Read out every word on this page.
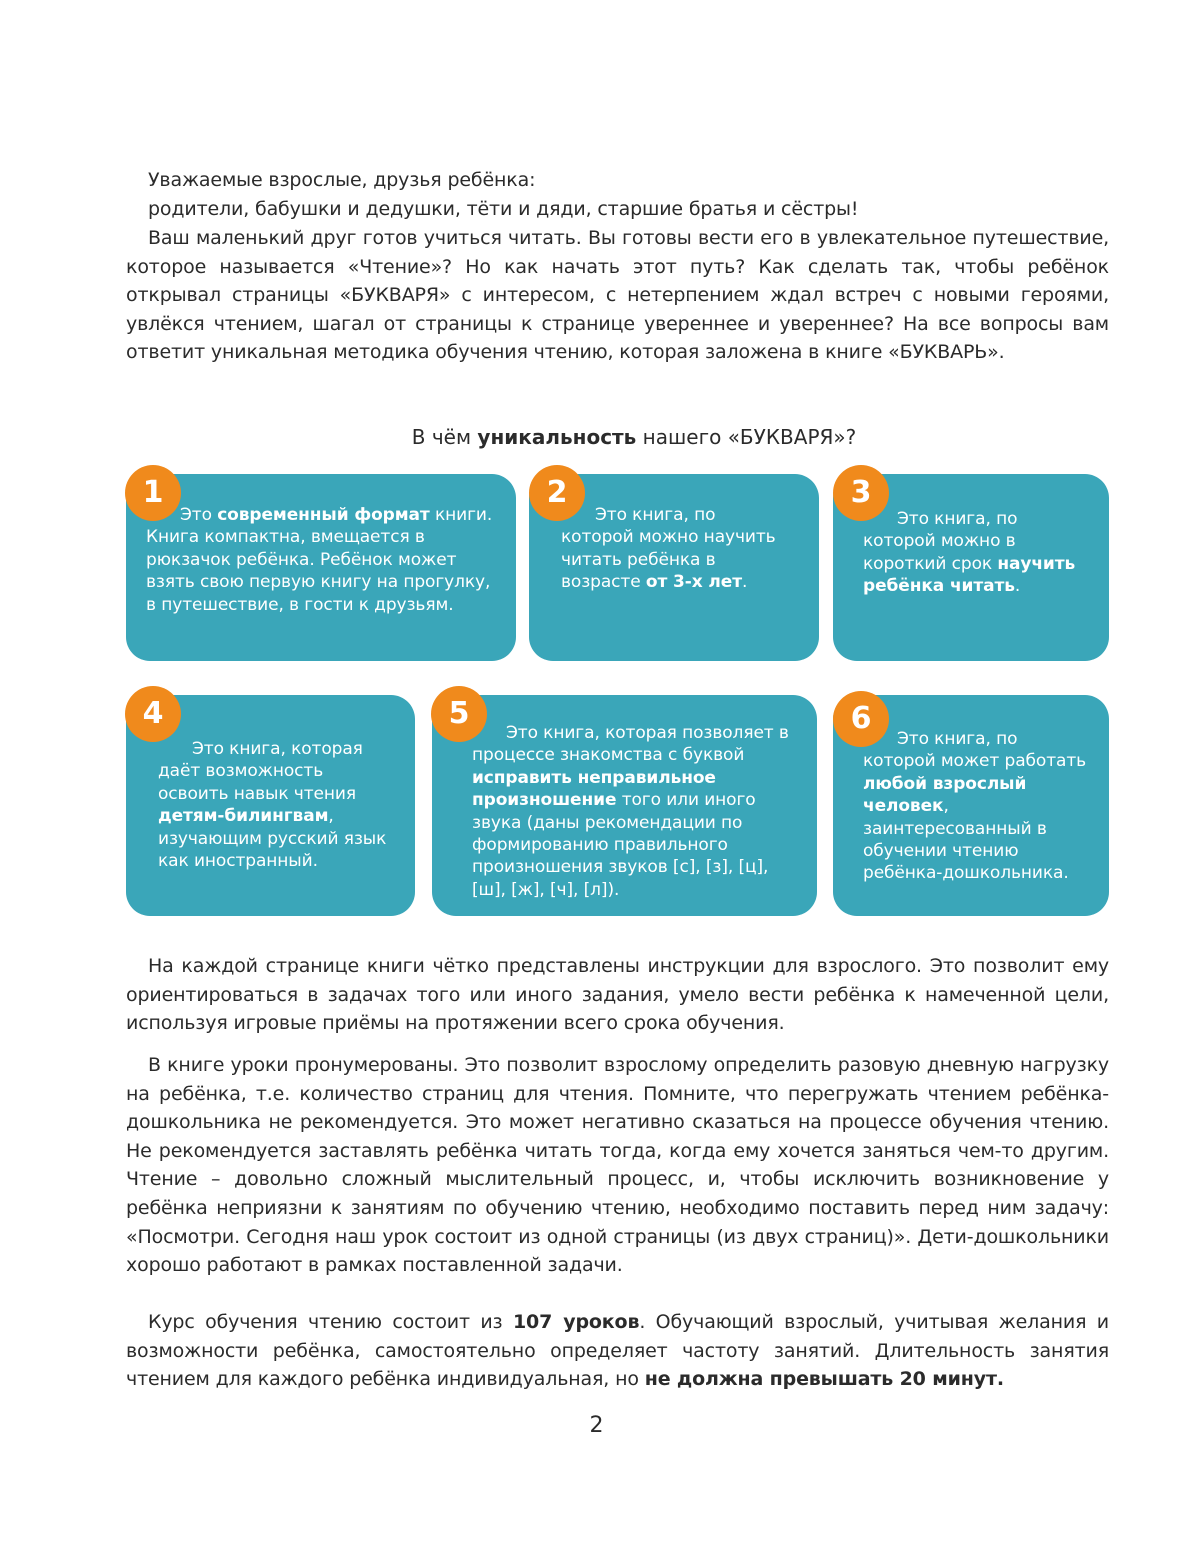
Уважаемые взрослые, друзья ребёнка:

родители, бабушки и дедушки, тёти и дяди, старшие братья и сёстры!

Ваш маленький друг готов учиться читать. Вы готовы вести его в увлекательное путешествие, которое называется «Чтение»? Но как начать этот путь? Как сделать так, чтобы ребёнок открывал страницы «БУКВАРЯ» с интересом, с нетерпением ждал встреч с новыми героями, увлёкся чтением, шагал от страницы к странице увереннее и увереннее? На все вопросы вам ответит уникальная методика обучения чтению, которая заложена в книге «БУКВАРЬ».

В чём уникальность нашего «БУКВАРЯ»?

Это современный формат книги. Книга компактна, вмещается в рюкзачок ребёнка. Ребёнок может взять свою первую книгу на прогулку, в путешествие, в гости к друзьям.

1

Это книга, по которой можно научить читать ребёнка в возрасте от 3-х лет.

2

Это книга, по которой можно в короткий срок научить ребёнка читать.

3

Это книга, которая даёт возможность освоить навык чтения детям-билингвам, изучающим русский язык как иностранный.

4

Это книга, которая позволяет в процессе знакомства с буквой исправить неправильное произношение того или иного звука (даны рекомендации по формированию правильного произношения звуков [с], [з], [ц], [ш], [ж], [ч], [л]).

5

Это книга, по которой может работать любой взрослый человек, заинтересованный в обучении чтению ребёнка-дошкольника.

6

На каждой странице книги чётко представлены инструкции для взрослого. Это позволит ему ориентироваться в задачах того или иного задания, умело вести ребёнка к намеченной цели, используя игровые приёмы на протяжении всего срока обучения.

В книге уроки пронумерованы. Это позволит взрослому определить разовую дневную нагрузку на ребёнка, т.е. количество страниц для чтения. Помните, что перегружать чтением ребёнка-дошкольника не рекомендуется. Это может негативно сказаться на процессе обучения чтению. Не рекомендуется заставлять ребёнка читать тогда, когда ему хочется заняться чем-то другим. Чтение – довольно сложный мыслительный процесс, и, чтобы исключить возникновение у ребёнка неприязни к занятиям по обучению чтению, необходимо поставить перед ним задачу: «Посмотри. Сегодня наш урок состоит из одной страницы (из двух страниц)». Дети-дошкольники хорошо работают в рамках поставленной задачи.

Курс обучения чтению состоит из 107 уроков. Обучающий взрослый, учитывая желания и возможности ребёнка, самостоятельно определяет частоту занятий. Длительность занятия чтением для каждого ребёнка индивидуальная, но не должна превышать 20 минут.

2
